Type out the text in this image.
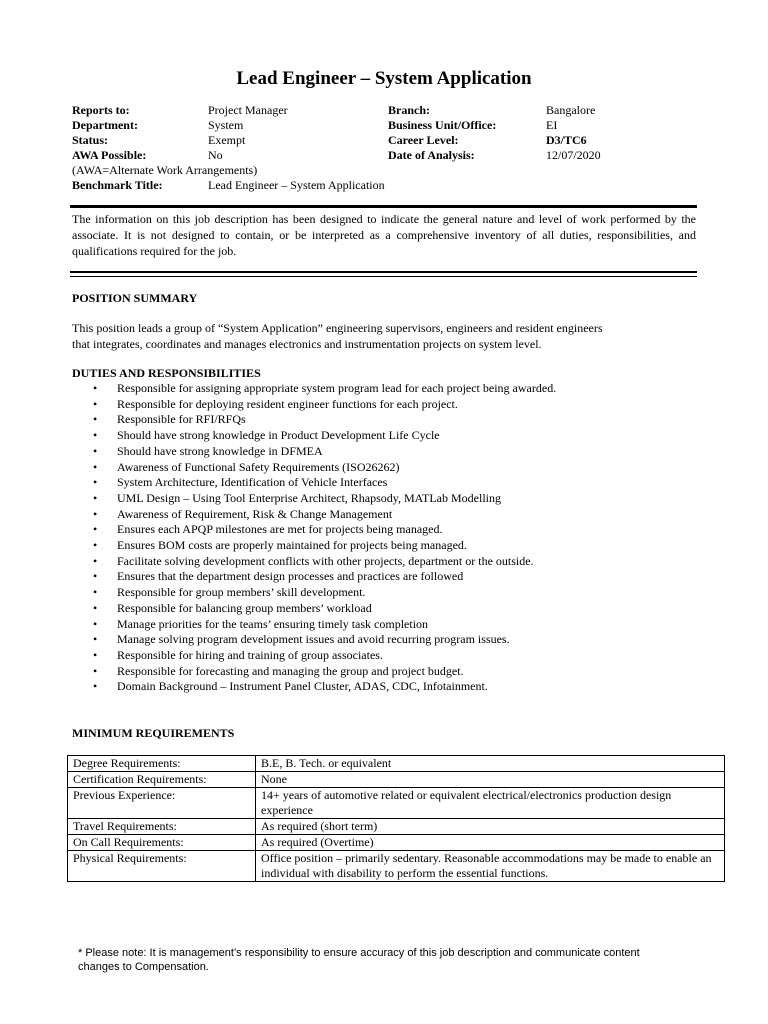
Lead Engineer – System Application
Reports to:	Project Manager	Branch:	Bangalore
Department:	System	Business Unit/Office:	EI
Status:	Exempt	Career Level:	D3/TC6
AWA Possible:	No	Date of Analysis:	12/07/2020
(AWA=Alternate Work Arrangements)
Benchmark Title:	Lead Engineer – System Application
The information on this job description has been designed to indicate the general nature and level of work performed by the associate. It is not designed to contain, or be interpreted as a comprehensive inventory of all duties, responsibilities, and qualifications required for the job.
POSITION SUMMARY
This position leads a group of “System Application” engineering supervisors, engineers and resident engineers
that integrates, coordinates and manages electronics and instrumentation projects on system level.
DUTIES AND RESPONSIBILITIES
• Responsible for assigning appropriate system program lead for each project being awarded.
• Responsible for deploying resident engineer functions for each project.
• Responsible for RFI/RFQs
• Should have strong knowledge in Product Development Life Cycle
• Should have strong knowledge in DFMEA
• Awareness of Functional Safety Requirements (ISO26262)
• System Architecture, Identification of Vehicle Interfaces
• UML Design – Using Tool Enterprise Architect, Rhapsody, MATLab Modelling
• Awareness of Requirement, Risk & Change Management
• Ensures each APQP milestones are met for projects being managed.
• Ensures BOM costs are properly maintained for projects being managed.
• Facilitate solving development conflicts with other projects, department or the outside.
• Ensures that the department design processes and practices are followed
• Responsible for group members’ skill development.
• Responsible for balancing group members’ workload
• Manage priorities for the teams’ ensuring timely task completion
• Manage solving program development issues and avoid recurring program issues.
• Responsible for hiring and training of group associates.
• Responsible for forecasting and managing the group and project budget.
• Domain Background – Instrument Panel Cluster, ADAS, CDC, Infotainment.
MINIMUM REQUIREMENTS
Degree Requirements:	B.E, B. Tech. or equivalent
Certification Requirements:	None
Previous Experience:	14+ years of automotive related or equivalent electrical/electronics production design experience
Travel Requirements:	As required (short term)
On Call Requirements:	As required (Overtime)
Physical Requirements:	Office position – primarily sedentary. Reasonable accommodations may be made to enable an individual with disability to perform the essential functions.
* Please note: It is management’s responsibility to ensure accuracy of this job description and communicate content changes to Compensation.
